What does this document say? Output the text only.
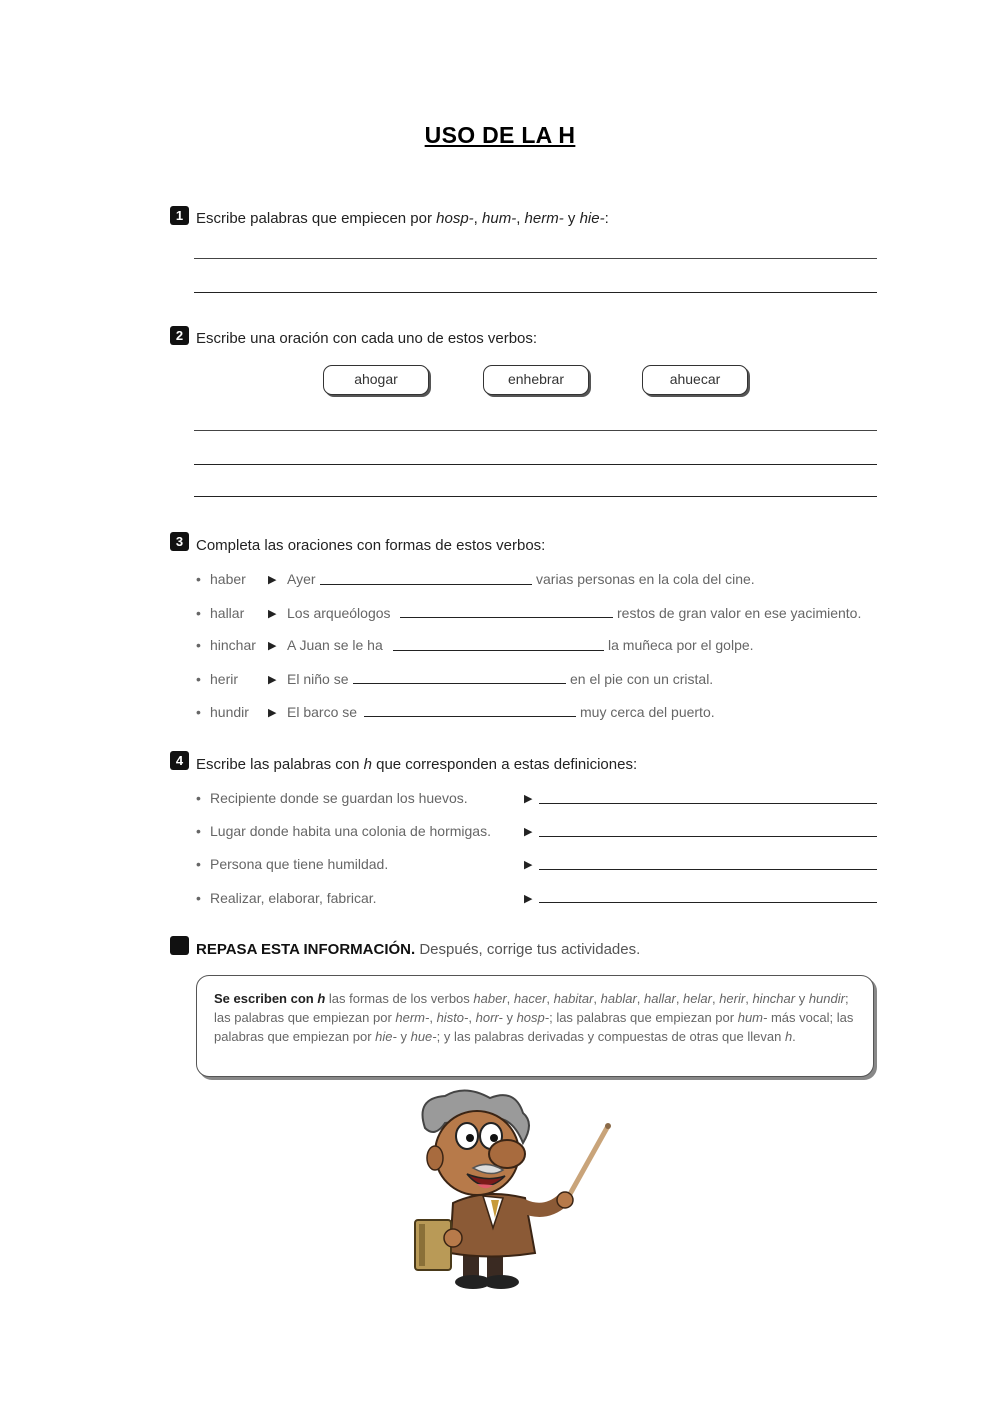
USO DE LA H
1 Escribe palabras que empiecen por hosp-, hum-, herm- y hie-:
2 Escribe una oración con cada uno de estos verbos:
ahogar	enhebrar	ahuecar
3 Completa las oraciones con formas de estos verbos:
• haber ▶ Ayer	varias personas en la cola del cine.
• hallar ▶ Los arqueólogos	restos de gran valor en ese yacimiento.
• hinchar ▶ A Juan se le ha	la muñeca por el golpe.
• herir	▶ El niño se	en el pie con un cristal.
• hundir ▶ El barco se	muy cerca del puerto.
4 Escribe las palabras con h que corresponden a estas definiciones:
• Recipiente donde se guardan los huevos.	▶
• Lugar donde habita una colonia de hormigas.	▶
• Persona que tiene humildad.	▶
• Realizar, elaborar, fabricar.	▶
REPASA ESTA INFORMACIÓN. Después, corrige tus actividades.
Se escriben con h las formas de los verbos haber, hacer, habitar, hablar, hallar, helar, herir, hinchar y hundir; las palabras que empiezan por herm-, histo-, horr- y hosp-; las palabras que empiezan por hum- más vocal; las palabras que empiezan por hie- y hue-; y las palabras derivadas y compuestas de otras que llevan h.
